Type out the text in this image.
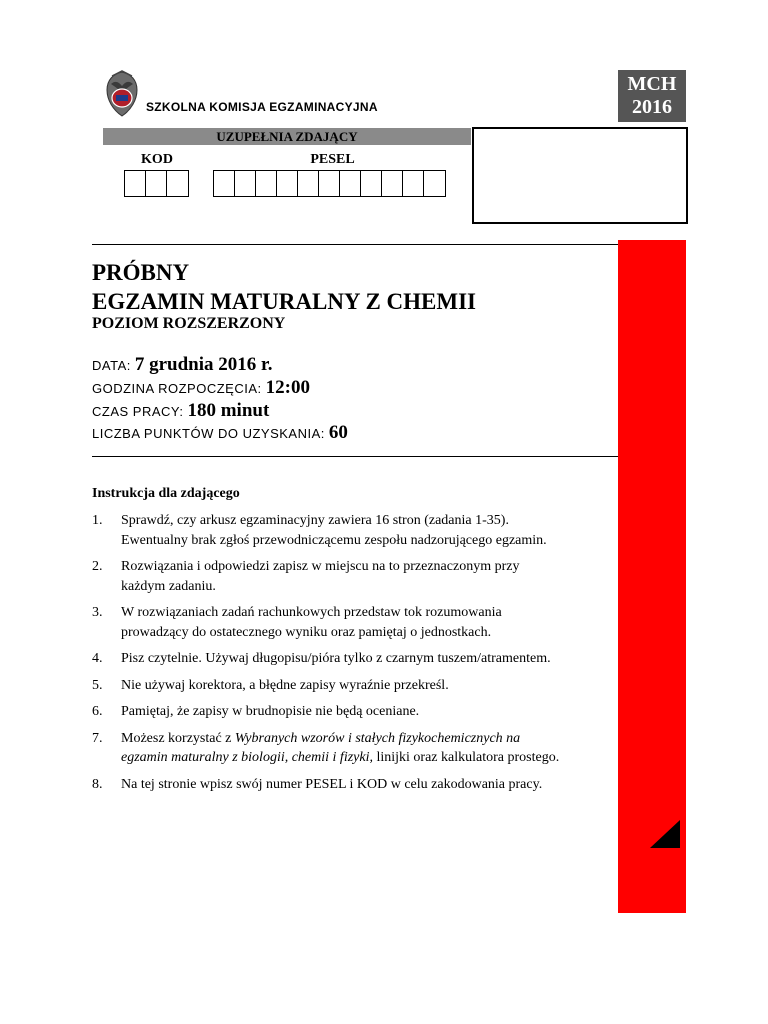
SZKOLNA KOMISJA EGZAMINACYJNA
MCH
2016
UZUPEŁNIA ZDAJĄCY
KOD	PESEL
PRÓBNY
EGZAMIN MATURALNY Z CHEMII
POZIOM ROZSZERZONY
DATA: 7 grudnia 2016 r.
GODZINA ROZPOCZĘCIA: 12:00
CZAS PRACY: 180 minut
LICZBA PUNKTÓW DO UZYSKANIA: 60
Instrukcja dla zdającego
1.	Sprawdź, czy arkusz egzaminacyjny zawiera 16 stron (zadania 1-35). Ewentualny brak zgłoś przewodniczącemu zespołu nadzorującego egzamin.
2.	Rozwiązania i odpowiedzi zapisz w miejscu na to przeznaczonym przy każdym zadaniu.
3.	W rozwiązaniach zadań rachunkowych przedstaw tok rozumowania prowadzący do ostatecznego wyniku oraz pamiętaj o jednostkach.
4.	Pisz czytelnie. Używaj długopisu/pióra tylko z czarnym tuszem/atramentem.
5.	Nie używaj korektora, a błędne zapisy wyraźnie przekreśl.
6.	Pamiętaj, że zapisy w brudnopisie nie będą oceniane.
7.	Możesz korzystać z Wybranych wzorów i stałych fizykochemicznych na egzamin maturalny z biologii, chemii i fizyki, linijki oraz kalkulatora prostego.
8.	Na tej stronie wpisz swój numer PESEL i KOD w celu zakodowania pracy.
